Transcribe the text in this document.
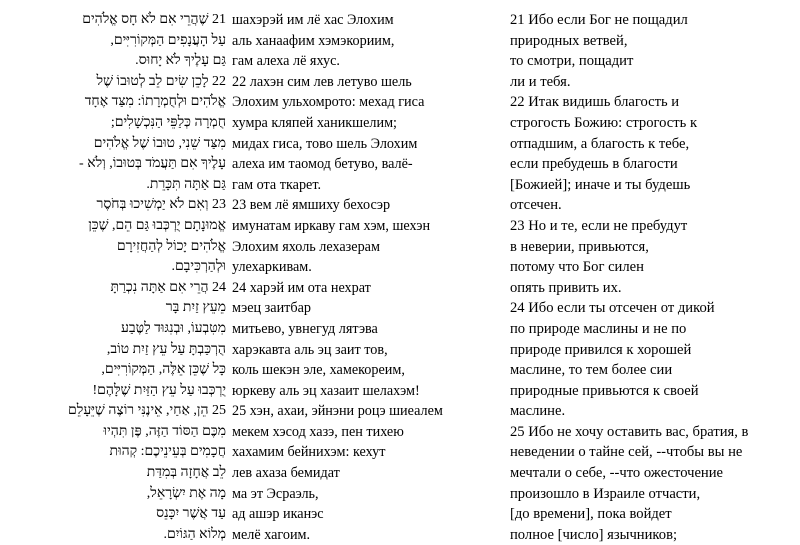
21 שֶׁהֲרֵי אִם לֹא חָס אֱלֹהִים
עַל הָעֲנָפִים הַמְּקוֹרִיִּים,
גַּם עָלֶיךָ לֹא יָחוּס.
22 לָכֵן שִׂים לֵב לְטוּבוֹ שֶׁל
אֱלֹהִים וּלְחֻמְרָתוֹ: מִצַּד אֶחָד
חֻמְרָה כְּלַפֵּי הַנִּכְשָׁלִים;
מִצַּד שֵׁנִי, טוּבוֹ שֶׁל אֱלֹהִים
עָלֶיךָ אִם תַּעֲמֹד בְּטוּבוֹ, וְלֹא -
גַּם אַתָּה תִּכָּרֵת.
23 וְאִם לֹא יַמְשִׁיכוּ בְּחֹסֶר
אֱמוּנָתָם יֻרְכְּבוּ גַּם הֵם, שֶׁכֵּן
אֱלֹהִים יָכוֹל לְהַחֲזִירָם
וּלְהַרְכִּיבָם.
24 הֲרֵי אִם אַתָּה נִכְרַתָּ
מֵעֵץ זַיִת בָּר
מִטִּבְעוֹ, וּבְנִגּוּד לַטֶּבַע
הֻרְכַּבְתָּ עַל עֵץ זַיִת טוֹב,
כָּל שֶׁכֵּן אֵלֶּה, הַמְּקוֹרִיִּים,
יֻרְכְּבוּ עַל עֵץ הַזַּיִת שֶׁלָּהֶם!
25 הֵן, אַחַי, אֵינֶנִּי רוֹצֶה שֶׁיֵּעָלֵם
מִכֶּם הַסּוֹד הַזֶּה, פֶּן תִּהְיוּ
חֲכָמִים בְּעֵינֵיכֶם: קְהוּת
לֵב אֲחָזָה בְּמִדַּת
מָה אֶת יִשְׂרָאֵל,
עַד אֲשֶׁר יִכָּנֵס
מְלוֹא הַגּוֹיִם.
шахэрэй им лё хас Элохим
аль ханаафим хэмэкориим,
гам алеха лё яхус.
22 лахэн сим лев летуво шель
Элохим ульхомрото: мехад гиса
хумра кляпей ханикшелим;
мидах гиса, тово шель Элохим
алеха им таомод бетуво, валё-
гам ота ткарет.
23 вем лё ямшиху бехосэр
имунатам иркаву гам хэм, шехэн
Элохим яхоль лехазерам
улехаркивам.
24 харэй им ота нехрат
мэец заитбар
митьево, увнегуд лятэва
харэкавта аль эц заит тов,
коль шекэн эле, хамекореим,
юркеву аль эц хазаит шелахэм!
25 хэн, ахаи, эйнэни роцэ шиеалем
мекем хэсод хазэ, пен тихею
хахамим бейнихэм: кехут
лев ахаза бемидат
ма эт Эсраэль,
ад ашэр иканэс
мелё хагоим.
21 Ибо если Бог не пощадил
природных ветвей,
то смотри, пощадит
ли и тебя.
22 Итак видишь благость и
строгость Божию: строгость к
отпадшим, а благость к тебе,
если пребудешь в благости
[Божией]; иначе и ты будешь
отсечен.
23 Но и те, если не пребудут
в неверии, привьются,
потому что Бог силен
опять привить их.
24 Ибо если ты отсечен от дикой
по природе маслины и не по
природе привился к хорошей
маслине, то тем более сии
природные привьются к своей
маслине.
25 Ибо не хочу оставить вас, братия, в
неведении о тайне сей, --чтобы вы не
мечтали о себе, --что ожесточение
произошло в Израиле отчасти,
[до времени], пока войдет
полное [число] язычников;
